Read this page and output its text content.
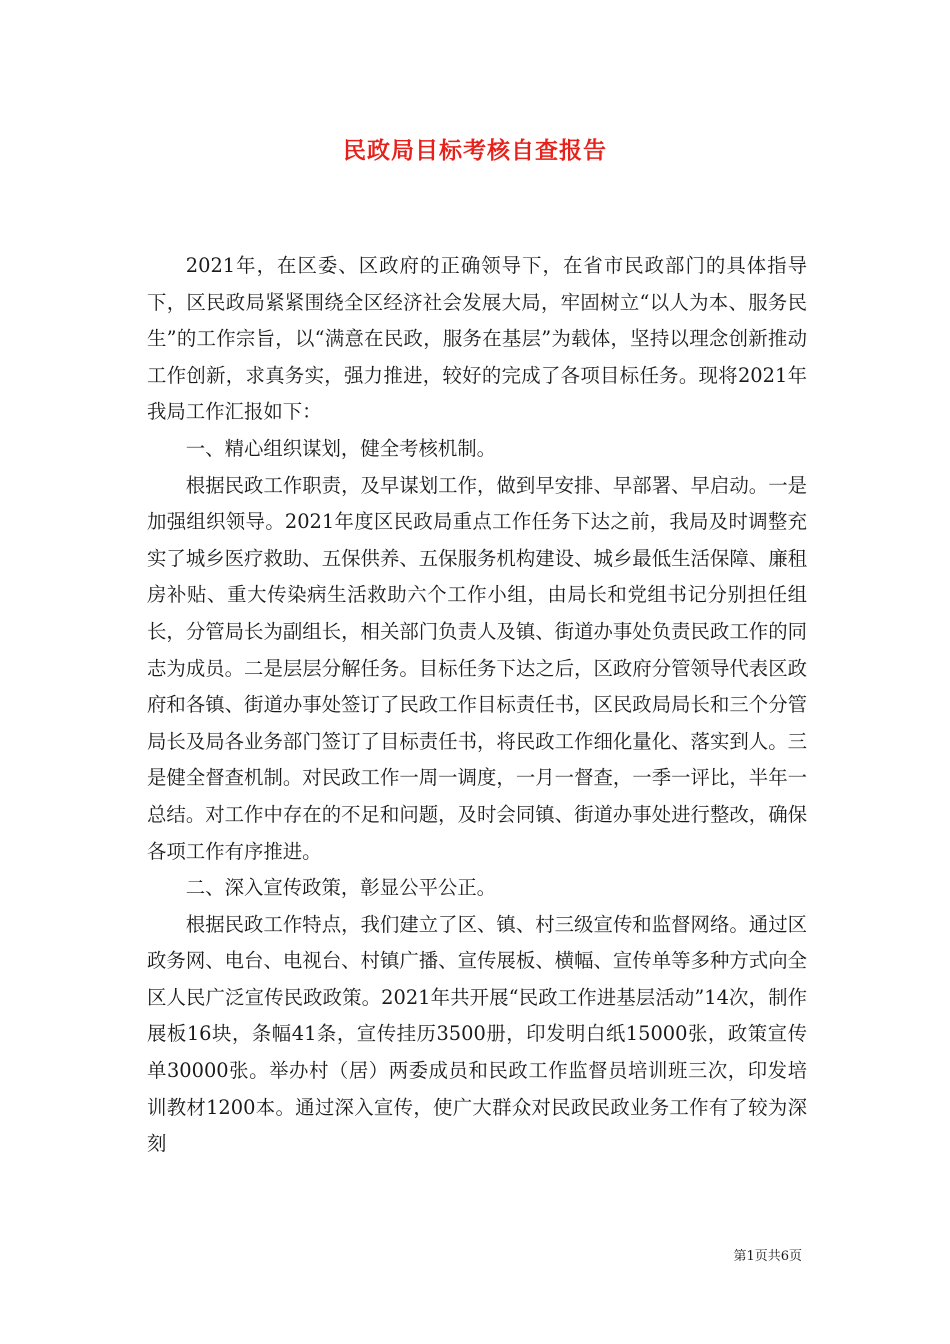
民政局目标考核自查报告

2021年，在区委、区政府的正确领导下，在省市民政部门的具体指导下，区民政局紧紧围绕全区经济社会发展大局，牢固树立“以人为本、服务民生”的工作宗旨，以“满意在民政，服务在基层”为载体，坚持以理念创新推动工作创新，求真务实，强力推进，较好的完成了各项目标任务。现将2021年我局工作汇报如下：

一、精心组织谋划，健全考核机制。

根据民政工作职责，及早谋划工作，做到早安排、早部署、早启动。一是加强组织领导。2021年度区民政局重点工作任务下达之前，我局及时调整充实了城乡医疗救助、五保供养、五保服务机构建设、城乡最低生活保障、廉租房补贴、重大传染病生活救助六个工作小组，由局长和党组书记分别担任组长，分管局长为副组长，相关部门负责人及镇、街道办事处负责民政工作的同志为成员。二是层层分解任务。目标任务下达之后，区政府分管领导代表区政府和各镇、街道办事处签订了民政工作目标责任书，区民政局局长和三个分管局长及局各业务部门签订了目标责任书，将民政工作细化量化、落实到人。三是健全督查机制。对民政工作一周一调度，一月一督查，一季一评比，半年一总结。对工作中存在的不足和问题，及时会同镇、街道办事处进行整改，确保各项工作有序推进。

二、深入宣传政策，彰显公平公正。

根据民政工作特点，我们建立了区、镇、村三级宣传和监督网络。通过区政务网、电台、电视台、村镇广播、宣传展板、横幅、宣传单等多种方式向全区人民广泛宣传民政政策。2021年共开展“民政工作进基层活动”14次，制作展板16块，条幅41条，宣传挂历3500册，印发明白纸15000张，政策宣传单30000张。举办村（居）两委成员和民政工作监督员培训班三次，印发培训教材1200本。通过深入宣传，使广大群众对民政民政业务工作有了较为深刻

第1页共6页
